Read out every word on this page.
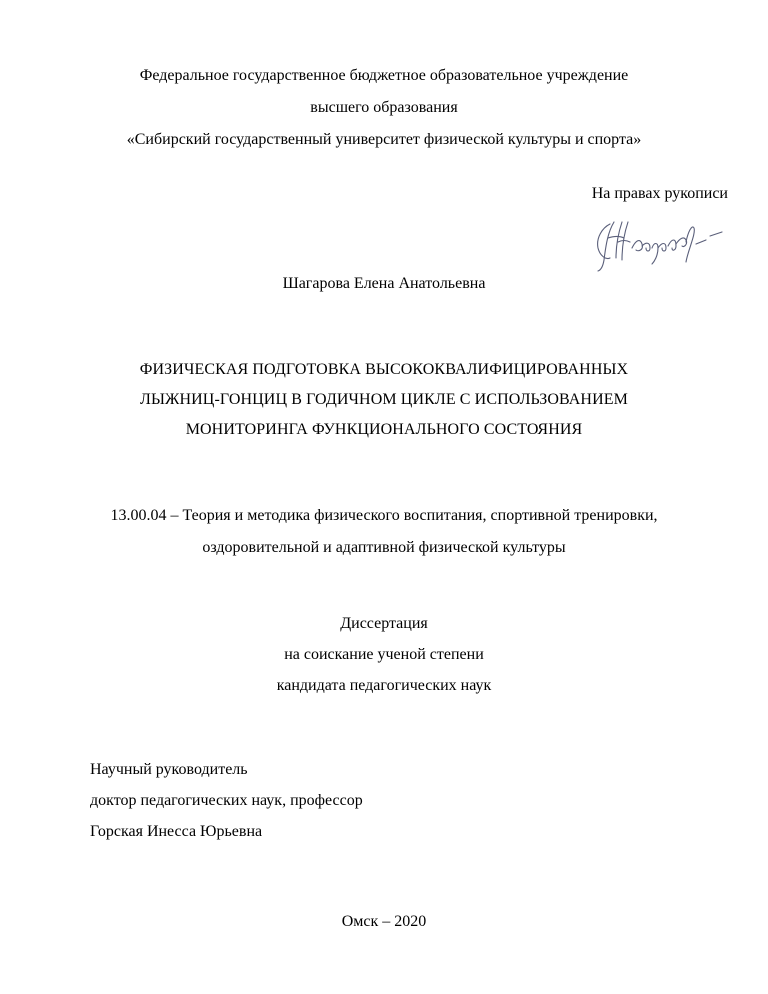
Федеральное государственное бюджетное образовательное учреждение
высшего образования
«Сибирский государственный университет физической культуры и спорта»
На правах рукописи
Шагарова Елена Анатольевна
ФИЗИЧЕСКАЯ ПОДГОТОВКА ВЫСОКОКВАЛИФИЦИРОВАННЫХ
ЛЫЖНИЦ-ГОНЦИЦ В ГОДИЧНОМ ЦИКЛЕ С ИСПОЛЬЗОВАНИЕМ
МОНИТОРИНГА ФУНКЦИОНАЛЬНОГО СОСТОЯНИЯ
13.00.04 – Теория и методика физического воспитания, спортивной тренировки,
оздоровительной и адаптивной физической культуры
Диссертация
на соискание ученой степени
кандидата педагогических наук
Научный руководитель
доктор педагогических наук, профессор
Горская Инесса Юрьевна
Омск – 2020
